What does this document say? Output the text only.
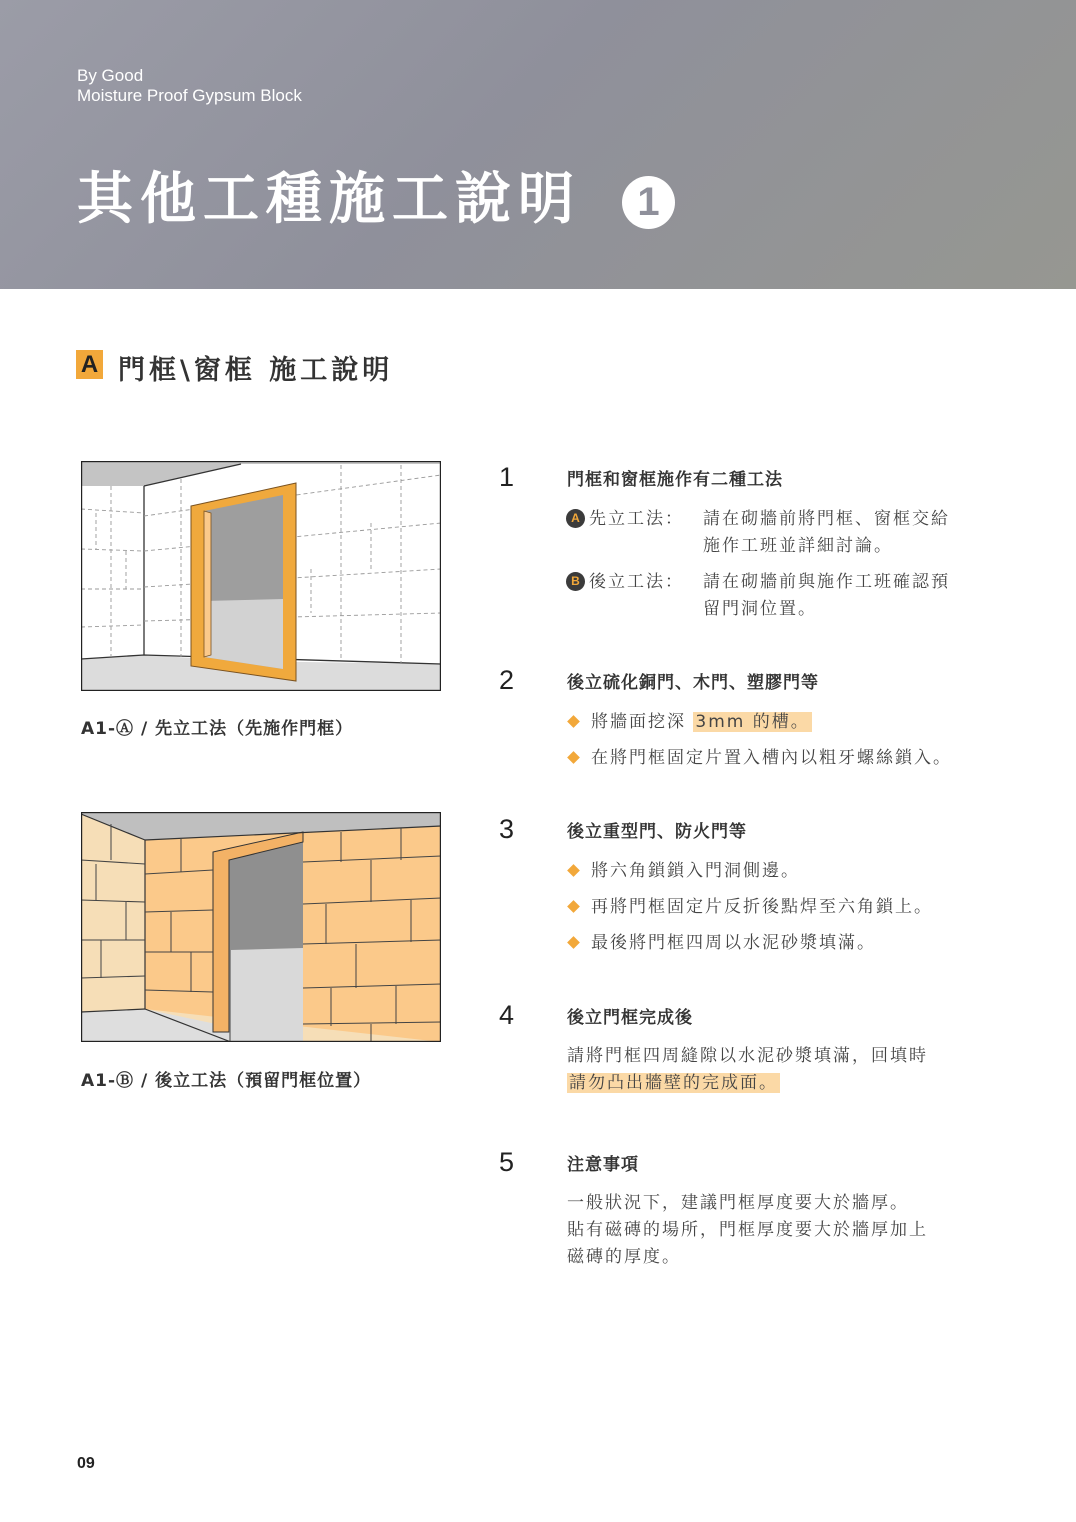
By Good
Moisture Proof Gypsum Block
其他工種施工說明	1
A 門框\窗框 施工說明
A1-Ⓐ / 先立工法（先施作門框）
A1-Ⓑ / 後立工法（預留門框位置）
1	門框和窗框施作有二種工法
A 先立工法：	請在砌牆前將門框、窗框交給
施作工班並詳細討論。
B 後立工法：	請在砌牆前與施作工班確認預
留門洞位置。
2	後立硫化銅門、木門、塑膠門等
將牆面挖深 3mm 的槽。
在將門框固定片置入槽內以粗牙螺絲鎖入。
3	後立重型門、防火門等
將六角鎖鎖入門洞側邊。
再將門框固定片反折後點焊至六角鎖上。
最後將門框四周以水泥砂漿填滿。
4	後立門框完成後
請將門框四周縫隙以水泥砂漿填滿，回填時
請勿凸出牆壁的完成面。
5	注意事項
一般狀況下，建議門框厚度要大於牆厚。
貼有磁磚的場所，門框厚度要大於牆厚加上
磁磚的厚度。
09
